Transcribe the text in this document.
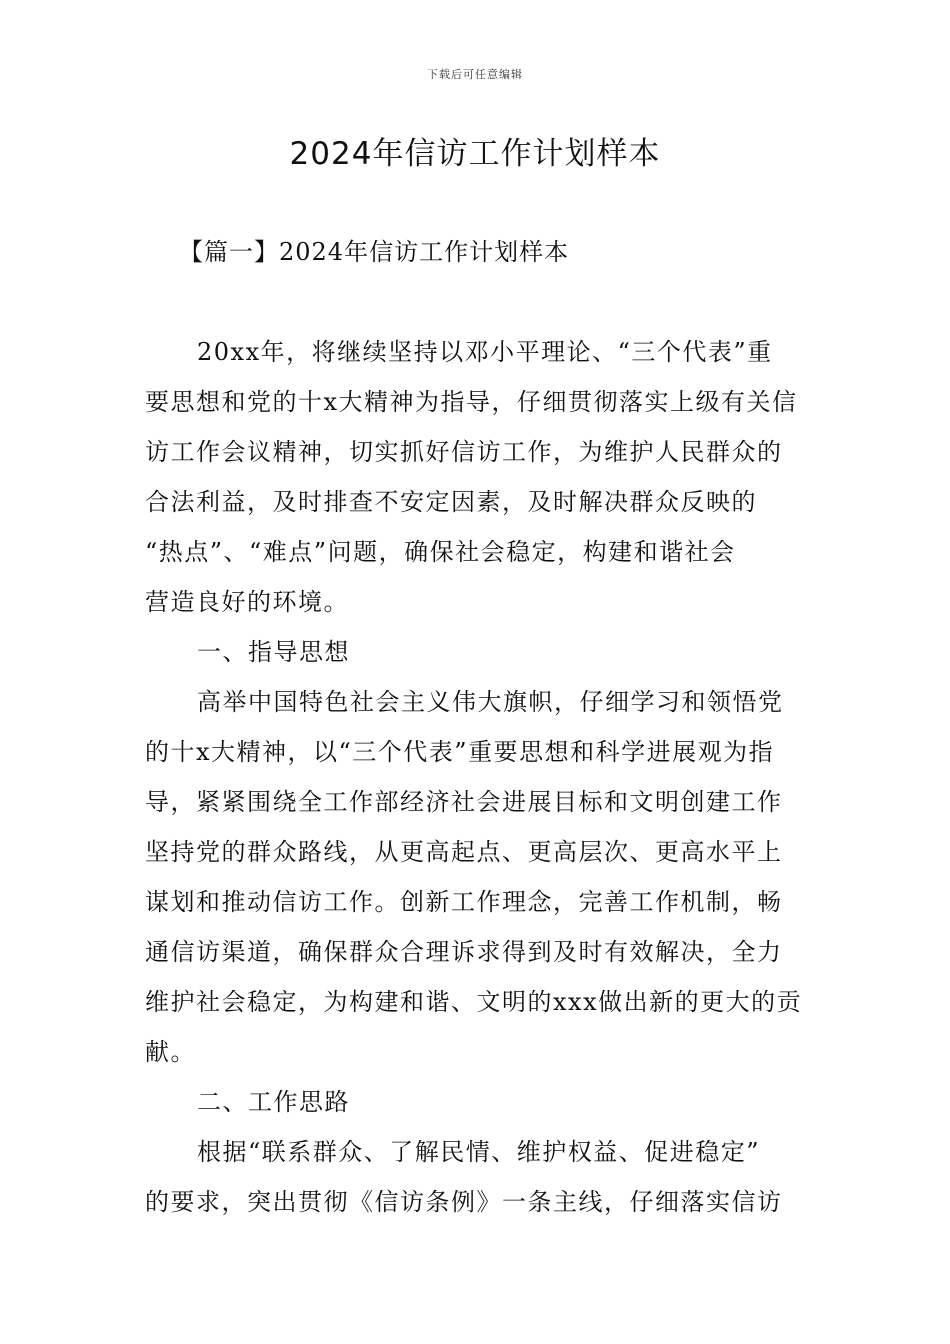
下载后可任意编辑
2024年信访工作计划样本
【篇一】2024年信访工作计划样本
20xx年，将继续坚持以邓小平理论、“三个代表”重
要思想和党的十x大精神为指导，仔细贯彻落实上级有关信
访工作会议精神，切实抓好信访工作，为维护人民群众的
合法利益，及时排查不安定因素，及时解决群众反映的
“热点”、“难点”问题，确保社会稳定，构建和谐社会
营造良好的环境。
一、指导思想
高举中国特色社会主义伟大旗帜，仔细学习和领悟党
的十x大精神，以“三个代表”重要思想和科学进展观为指
导，紧紧围绕全工作部经济社会进展目标和文明创建工作
坚持党的群众路线，从更高起点、更高层次、更高水平上
谋划和推动信访工作。创新工作理念，完善工作机制，畅
通信访渠道，确保群众合理诉求得到及时有效解决，全力
维护社会稳定，为构建和谐、文明的xxx做出新的更大的贡
献。
二、工作思路
根据“联系群众、了解民情、维护权益、促进稳定”
的要求，突出贯彻《信访条例》一条主线，仔细落实信访
